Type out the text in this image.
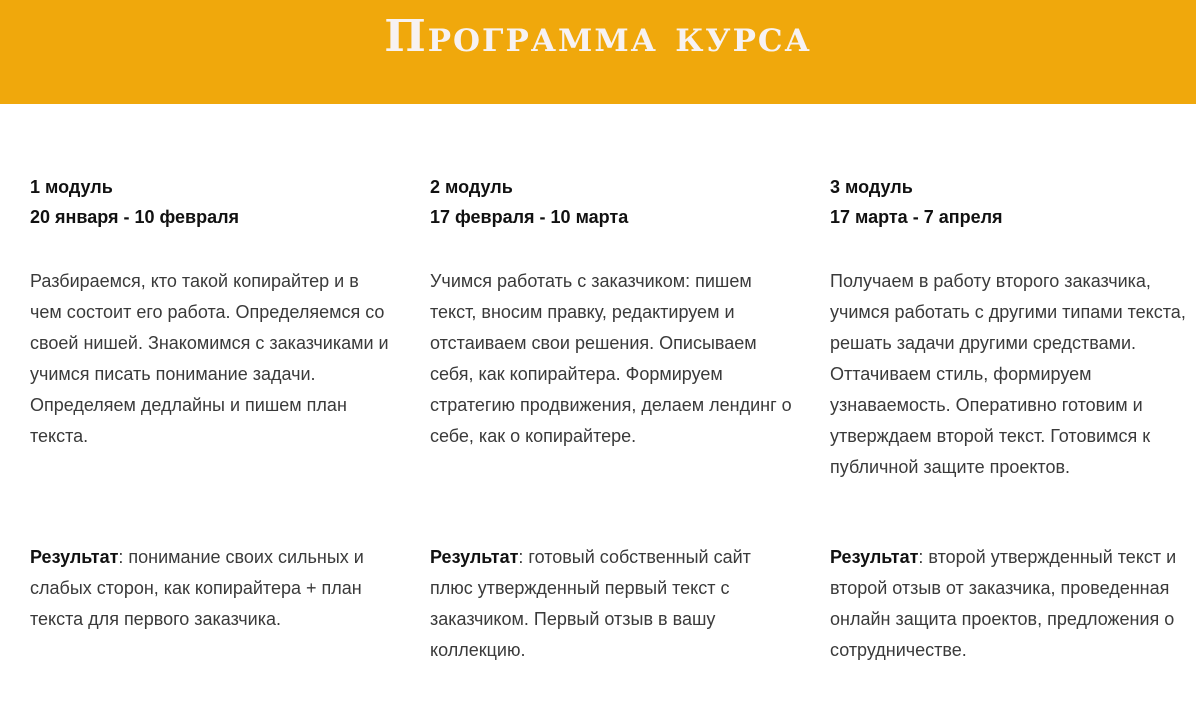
Программа курса

1 модуль

20 января - 10 февраля

Разбираемся, кто такой копирайтер и в чем состоит его работа. Определяемся со своей нишей. Знакомимся с заказчиками и учимся писать понимание задачи. Определяем дедлайны и пишем план текста.
Результат: понимание своих сильных и слабых сторон, как копирайтера + план текста для первого заказчика.

2 модуль

17 февраля - 10 марта

Учимся работать с заказчиком: пишем текст, вносим правку, редактируем и отстаиваем свои решения. Описываем себя, как копирайтера. Формируем стратегию продвижения, делаем лендинг о себе, как о копирайтере.
Результат: готовый собственный сайт плюс утвержденный первый текст с заказчиком. Первый отзыв в вашу коллекцию.

3 модуль

17 марта - 7 апреля

Получаем в работу второго заказчика, учимся работать с другими типами текста, решать задачи другими средствами. Оттачиваем стиль, формируем узнаваемость. Оперативно готовим и утверждаем второй текст. Готовимся к публичной защите проектов.
Результат: второй утвержденный текст и второй отзыв от заказчика, проведенная онлайн защита проектов, предложения о сотрудничестве.
